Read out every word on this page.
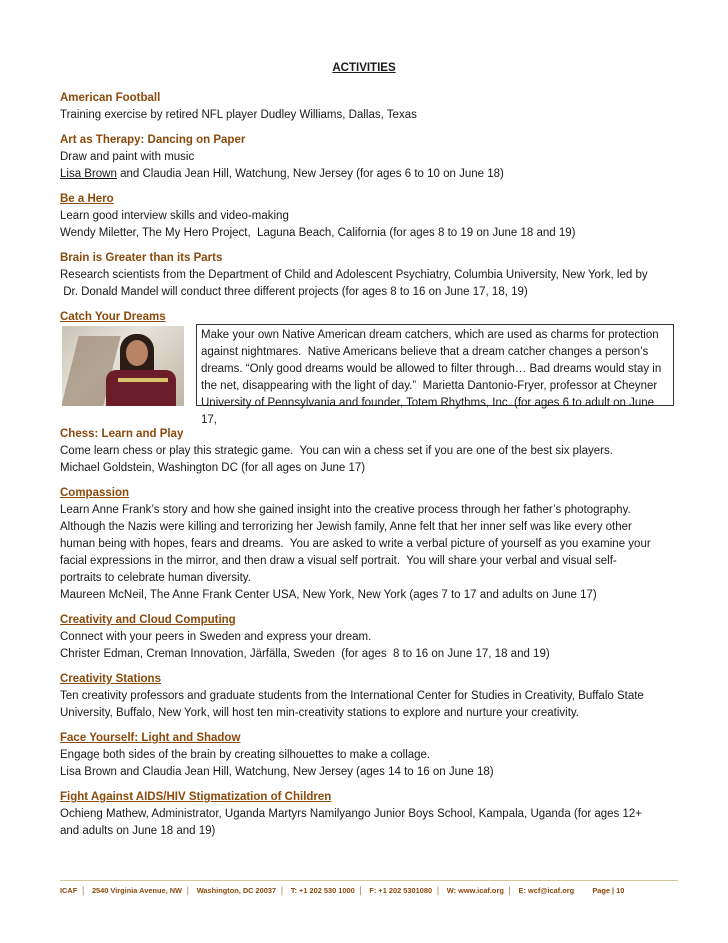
ACTIVITIES
American Football
Training exercise by retired NFL player Dudley Williams, Dallas, Texas
Art as Therapy: Dancing on Paper
Draw and paint with music
Lisa Brown and Claudia Jean Hill, Watchung, New Jersey (for ages 6 to 10 on June 18)
Be a Hero
Learn good interview skills and video-making
Wendy Miletter, The My Hero Project,  Laguna Beach, California (for ages 8 to 19 on June 18 and 19)
Brain is Greater than its Parts
Research scientists from the Department of Child and Adolescent Psychiatry, Columbia University, New York, led by
Dr. Donald Mandel will conduct three different projects (for ages 8 to 16 on June 17, 18, 19)
Catch Your Dreams
Make your own Native American dream catchers, which are used as charms for protection
against nightmares.  Native Americans believe that a dream catcher changes a person’s
dreams. “Only good dreams would be allowed to filter through… Bad dreams would stay in
the net, disappearing with the light of day.”  Marietta Dantonio-Fryer, professor at Cheyner
University of Pennsylvania and founder, Totem Rhythms, Inc. (for ages 6 to adult on June 17,
Chess: Learn and Play
Come learn chess or play this strategic game.  You can win a chess set if you are one of the best six players.
Michael Goldstein, Washington DC (for all ages on June 17)
Compassion
Learn Anne Frank’s story and how she gained insight into the creative process through her father’s photography.
Although the Nazis were killing and terrorizing her Jewish family, Anne felt that her inner self was like every other
human being with hopes, fears and dreams.  You are asked to write a verbal picture of yourself as you examine your
facial expressions in the mirror, and then draw a visual self portrait.  You will share your verbal and visual self-
portraits to celebrate human diversity.
Maureen McNeil, The Anne Frank Center USA, New York, New York (ages 7 to 17 and adults on June 17)
Creativity and Cloud Computing
Connect with your peers in Sweden and express your dream.
Christer Edman, Creman Innovation, Järfälla, Sweden  (for ages  8 to 16 on June 17, 18 and 19)
Creativity Stations
Ten creativity professors and graduate students from the International Center for Studies in Creativity, Buffalo State
University, Buffalo, New York, will host ten min-creativity stations to explore and nurture your creativity.
Face Yourself: Light and Shadow
Engage both sides of the brain by creating silhouettes to make a collage.
Lisa Brown and Claudia Jean Hill, Watchung, New Jersey (ages 14 to 16 on June 18)
Fight Against AIDS/HIV Stigmatization of Children
Ochieng Mathew, Administrator, Uganda Martyrs Namilyango Junior Boys School, Kampala, Uganda (for ages 12+
and adults on June 18 and 19)
ICAF │ 2540 Virginia Avenue, NW │ Washington, DC 20037 │ T: +1 202 530 1000 │ F: +1 202 5301080 │ W: www.icaf.org │ E: wcf@icaf.org Page | 10
